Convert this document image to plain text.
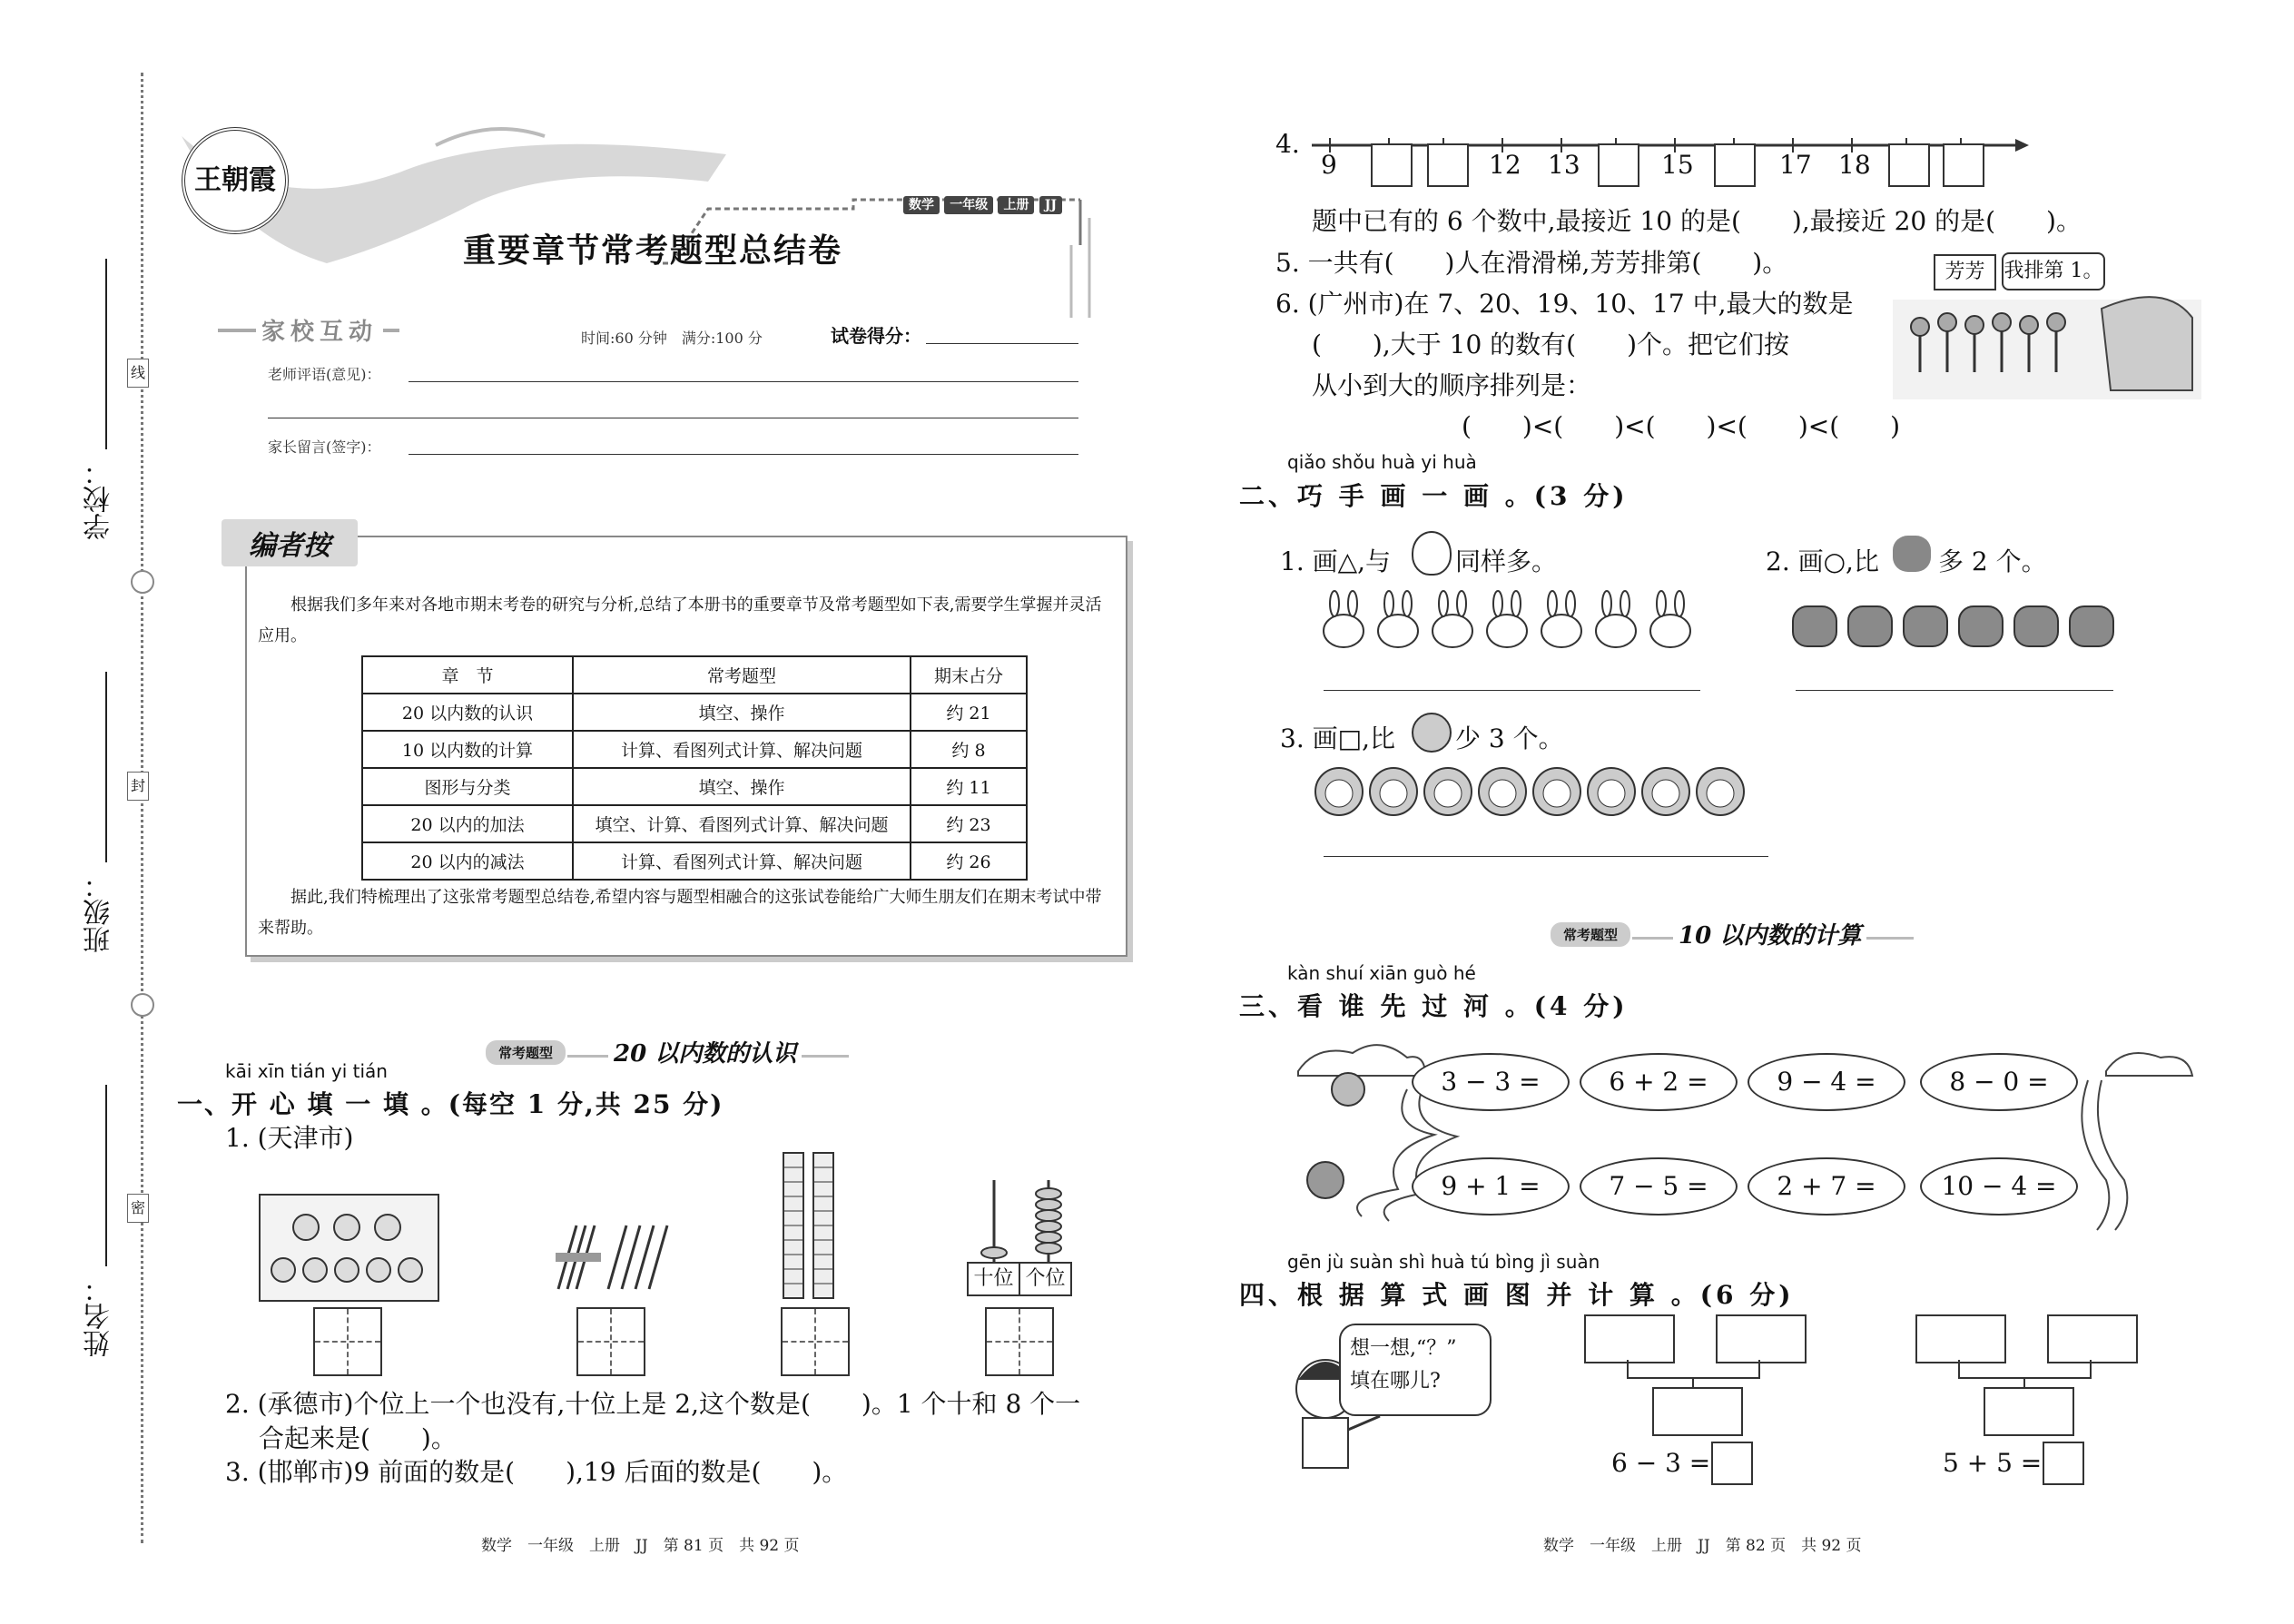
学校：
班级：
姓名：
线
封
密
王朝霞
重要章节常考题型总结卷
数学 一年级 上册 JJ
家校互动	时间:60 分钟　满分:100 分	试卷得分：
老师评语(意见)：
家长留言(签字)：
编者按
根据我们多年来对各地市期末考卷的研究与分析,总结了本册书的重要章节及常考题型如下表,需要学生掌握并灵活应用。
章　节	常考题型	期末占分
20 以内数的认识	填空、操作	约 21
10 以内数的计算	计算、看图列式计算、解决问题	约 8
图形与分类	填空、操作	约 11
20 以内的加法	填空、计算、看图列式计算、解决问题	约 23
20 以内的减法	计算、看图列式计算、解决问题	约 26
据此,我们特梳理出了这张常考题型总结卷,希望内容与题型相融合的这张试卷能给广大师生朋友们在期末考试中带来帮助。
常考题型	20 以内数的认识
kāi xīn tián yi tián
一、开 心 填 一 填 。(每空 1 分,共 25 分)
1. (天津市)
十位 个位
2. (承德市)个位上一个也没有,十位上是 2,这个数是(　　)。1 个十和 8 个一
合起来是(　　)。
3. (邯郸市)9 前面的数是(　　),19 后面的数是(　　)。
数学　一年级　上册　JJ　第 81 页　共 92 页
4.
9	12 13	15	17 18
题中已有的 6 个数中,最接近 10 的是(　　),最接近 20 的是(　　)。
5. 一共有(　　)人在滑滑梯,芳芳排第(　　)。
6. (广州市)在 7、20、19、10、17 中,最大的数是
(　　),大于 10 的数有(　　)个。把它们按
从小到大的顺序排列是：
(　　)<(　　)<(　　)<(　　)<(　　)
芳芳 我排第 1。
qiǎo shǒu huà yi huà
二、巧 手 画 一 画 。(3 分)
1. 画△,与	同样多。	2. 画○,比 多 2 个。
3. 画□,比 少 3 个。
常考题型	10 以内数的计算
kàn shuí xiān guò hé
三、看 谁 先 过 河 。(4 分)
3 − 3 =	6 + 2 =	9 − 4 =	8 − 0 =
9 + 1 =	7 − 5 =	2 + 7 =	10 − 4 =
gēn jù suàn shì huà tú bìng jì suàn
四、根 据 算 式 画 图 并 计 算 。(6 分)
想一想,“？”
填在哪儿?
6 − 3 =	5 + 5 =
数学　一年级　上册　JJ　第 82 页　共 92 页
